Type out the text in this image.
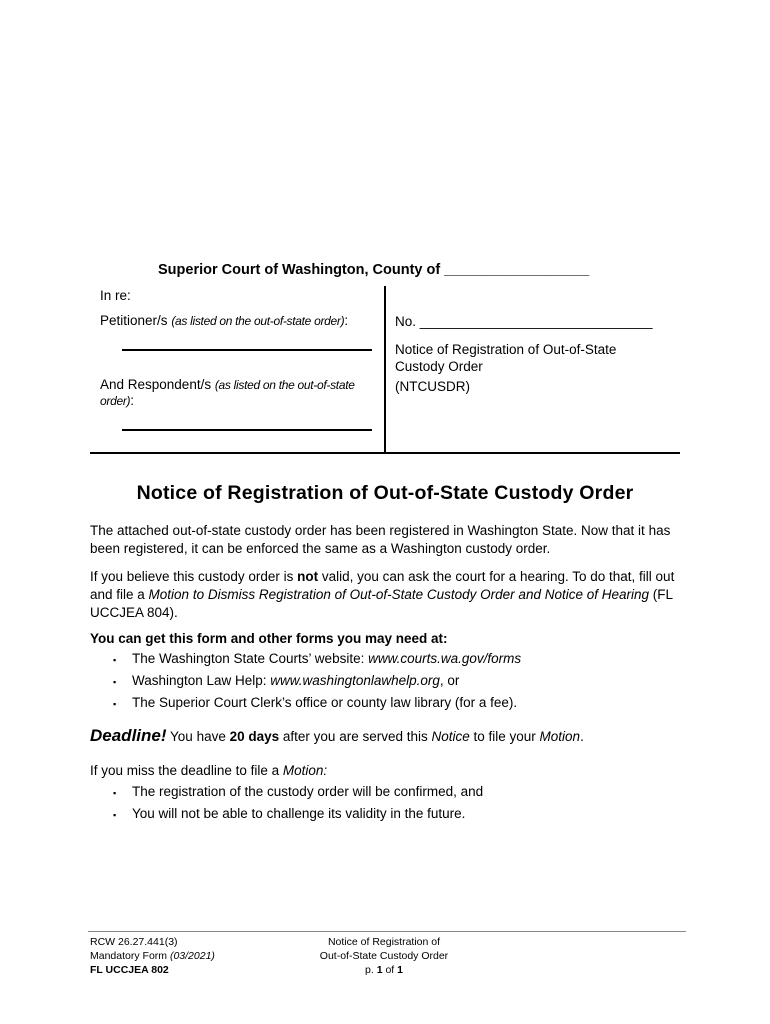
Superior Court of Washington, County of __________________
In re:
Petitioner/s (as listed on the out-of-state order):
And Respondent/s (as listed on the out-of-state
order):
No. _______________________________
Notice of Registration of Out-of-State
Custody Order
(NTCUSDR)
Notice of Registration of Out-of-State Custody Order
The attached out-of-state custody order has been registered in Washington State. Now that it has
been registered, it can be enforced the same as a Washington custody order.
If you believe this custody order is not valid, you can ask the court for a hearing. To do that, fill out
and file a Motion to Dismiss Registration of Out-of-State Custody Order and Notice of Hearing (FL
UCCJEA 804).
You can get this form and other forms you may need at:
▪ The Washington State Courts’ website: www.courts.wa.gov/forms
▪ Washington Law Help: www.washingtonlawhelp.org, or
▪ The Superior Court Clerk’s office or county law library (for a fee).
Deadline! You have 20 days after you are served this Notice to file your Motion.
If you miss the deadline to file a Motion:
▪ The registration of the custody order will be confirmed, and
▪ You will not be able to challenge its validity in the future.
RCW 26.27.441(3)
Mandatory Form (03/2021)
FL UCCJEA 802
Notice of Registration of
Out-of-State Custody Order
p. 1 of 1
